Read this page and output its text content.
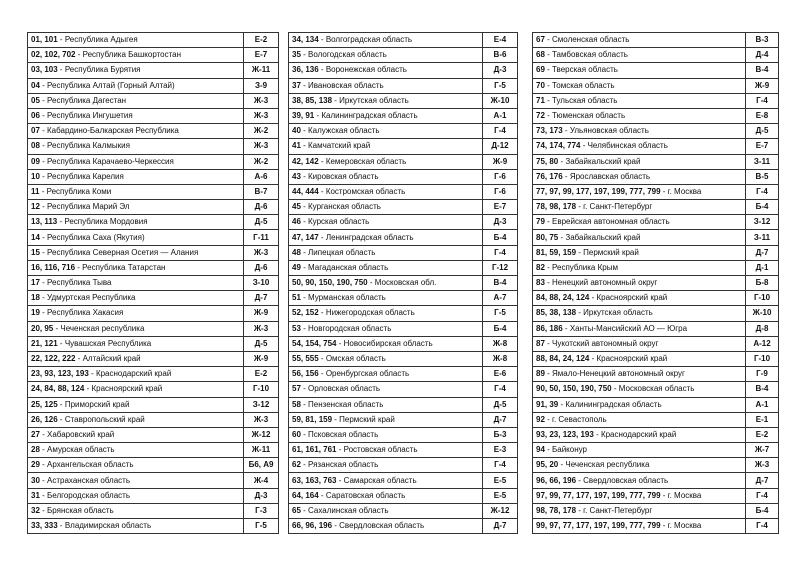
01, 101 - Республика Адыгея	Е-2
02, 102, 702 - Республика Башкортостан	Е-7
03, 103 - Республика Бурятия	Ж-11
04 - Республика Алтай (Горный Алтай)	З-9
05 - Республика Дагестан	Ж-3
06 - Республика Ингушетия	Ж-3
07 - Кабардино-Балкарская Республика	Ж-2
08 - Республика Калмыкия	Ж-3
09 - Республика Карачаево-Черкессия	Ж-2
10 - Республика Карелия	А-6
11 - Республика Коми	В-7
12 - Республика Марий Эл	Д-6
13, 113 - Республика Мордовия	Д-5
14 - Республика Саха (Якутия)	Г-11
15 - Республика Северная Осетия — Алания	Ж-3
16, 116, 716 - Республика Татарстан	Д-6
17 - Республика Тыва	З-10
18 - Удмуртская Республика	Д-7
19 - Республика Хакасия	Ж-9
20, 95 - Чеченская республика	Ж-3
21, 121 - Чувашская Республика	Д-5
22, 122, 222 - Алтайский край	Ж-9
23, 93, 123, 193 - Краснодарский край	Е-2
24, 84, 88, 124 - Красноярский край	Г-10
25, 125 - Приморский край	З-12
26, 126 - Ставропольский край	Ж-3
27 - Хабаровский край	Ж-12
28 - Амурская область	Ж-11
29 - Архангельская область	Б6, А9
30 - Астраханская область	Ж-4
31 - Белгородская область	Д-3
32 - Брянская область	Г-3
33, 333 - Владимирская область	Г-5
34, 134 - Волгоградская область	Е-4
35 - Вологодская область	В-6
36, 136 - Воронежская область	Д-3
37 - Ивановская область	Г-5
38, 85, 138 - Иркутская область	Ж-10
39, 91 - Калининградская область	А-1
40 - Калужская область	Г-4
41 - Камчатский край	Д-12
42, 142 - Кемеровская область	Ж-9
43 - Кировская область	Г-6
44, 444 - Костромская область	Г-6
45 - Курганская область	Е-7
46 - Курская область	Д-3
47, 147 - Ленинградская область	Б-4
48 - Липецкая область	Г-4
49 - Магаданская область	Г-12
50, 90, 150, 190, 750 - Московская обл.	В-4
51 - Мурманская область	А-7
52, 152 - Нижегородская область	Г-5
53 - Новгородская область	Б-4
54, 154, 754 - Новосибирская область	Ж-8
55, 555 - Омская область	Ж-8
56, 156 - Оренбургская область	Е-6
57 - Орловская область	Г-4
58 - Пензенская область	Д-5
59, 81, 159 - Пермский край	Д-7
60 - Псковская область	Б-3
61, 161, 761 - Ростовская область	Е-3
62 - Рязанская область	Г-4
63, 163, 763 - Самарская область	Е-5
64, 164 - Саратовская область	Е-5
65 - Сахалинская область	Ж-12
66, 96, 196 - Свердловская область	Д-7
67 - Смоленская область	В-3
68 - Тамбовская область	Д-4
69 - Тверская область	В-4
70 - Томская область	Ж-9
71 - Тульская область	Г-4
72 - Тюменская область	Е-8
73, 173 - Ульяновская область	Д-5
74, 174, 774 - Челябинская область	Е-7
75, 80 - Забайкальский край	З-11
76, 176 - Ярославская область	В-5
77, 97, 99, 177, 197, 199, 777, 799 - г. Москва	Г-4
78, 98, 178 - г. Санкт-Петербург	Б-4
79 - Еврейская автономная область	З-12
80, 75 - Забайкальский край	З-11
81, 59, 159 - Пермский край	Д-7
82 - Республика Крым	Д-1
83 - Ненецкий автономный округ	Б-8
84, 88, 24, 124 - Красноярский край	Г-10
85, 38, 138 - Иркутская область	Ж-10
86, 186 - Ханты-Мансийский АО — Югра	Д-8
87 - Чукотский автономный округ	А-12
88, 84, 24, 124 - Красноярский край	Г-10
89 - Ямало-Ненецкий автономный округ	Г-9
90, 50, 150, 190, 750 - Московская область	В-4
91, 39 - Калининградская область	А-1
92 - г. Севастополь	Е-1
93, 23, 123, 193 - Краснодарский край	Е-2
94 - Байконур	Ж-7
95, 20 - Чеченская республика	Ж-3
96, 66, 196 - Свердловская область	Д-7
97, 99, 77, 177, 197, 199, 777, 799 - г. Москва	Г-4
98, 78, 178 - г. Санкт-Петербург	Б-4
99, 97, 77, 177, 197, 199, 777, 799 - г. Москва	Г-4
